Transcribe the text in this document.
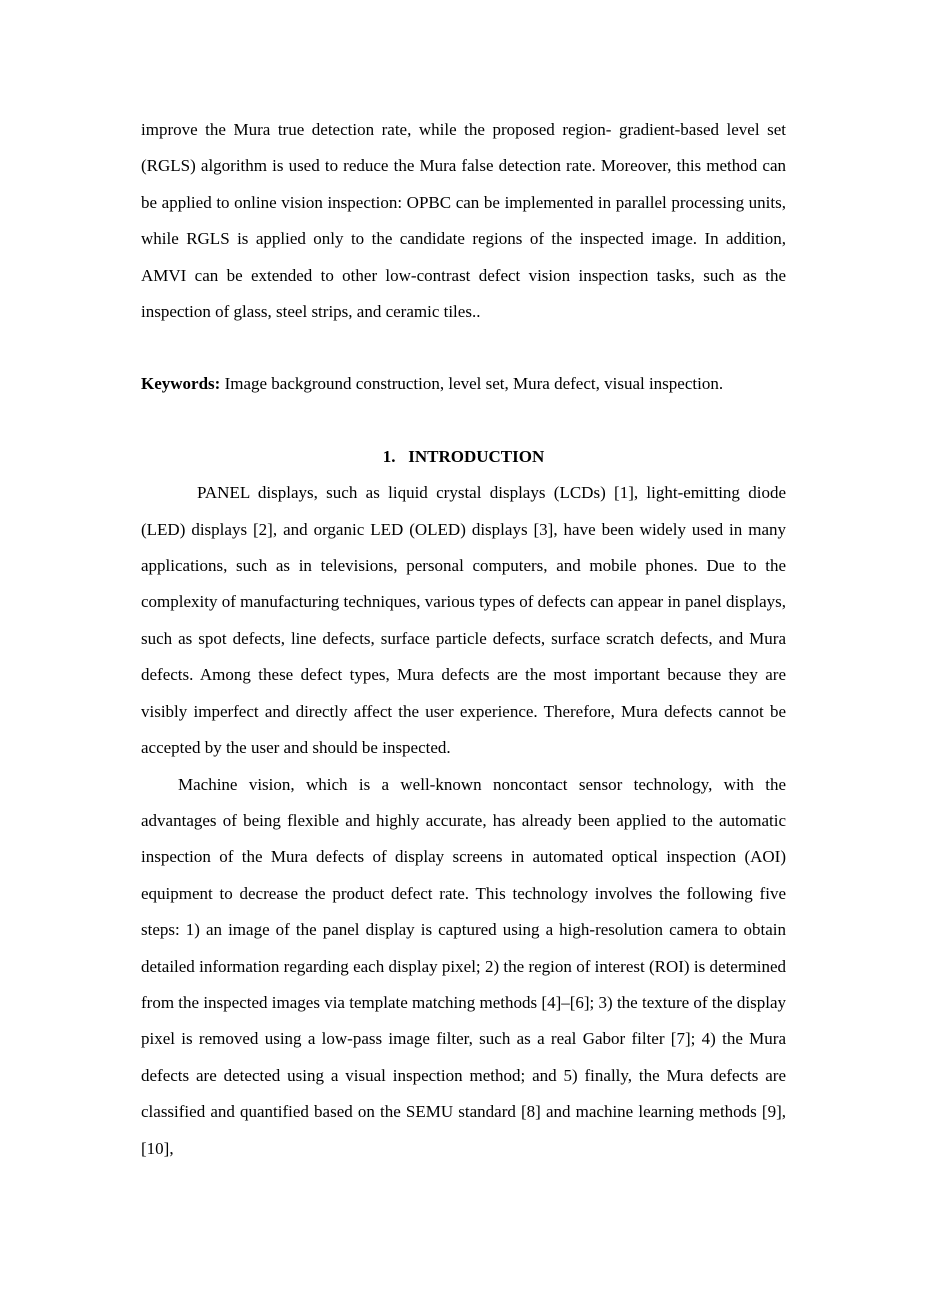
improve the Mura true detection rate, while the proposed region- gradient-based level set (RGLS) algorithm is used to reduce the Mura false detection rate. Moreover, this method can be applied to online vision inspection: OPBC can be implemented in parallel processing units, while RGLS is applied only to the candidate regions of the inspected image. In addition, AMVI can be extended to other low-contrast defect vision inspection tasks, such as the inspection of glass, steel strips, and ceramic tiles..

Keywords: Image background construction, level set, Mura defect, visual inspection.

1.   INTRODUCTION

PANEL displays, such as liquid crystal displays (LCDs) [1], light-emitting diode (LED) displays [2], and organic LED (OLED) displays [3], have been widely used in many applications, such as in televisions, personal computers, and mobile phones. Due to the complexity of manufacturing techniques, various types of defects can appear in panel displays, such as spot defects, line defects, surface particle defects, surface scratch defects, and Mura defects. Among these defect types, Mura defects are the most important because they are visibly imperfect and directly affect the user experience. Therefore, Mura defects cannot be accepted by the user and should be inspected.

Machine vision, which is a well-known noncontact sensor technology, with the advantages of being flexible and highly accurate, has already been applied to the automatic inspection of the Mura defects of display screens in automated optical inspection (AOI) equipment to decrease the product defect rate. This technology involves the following five steps: 1) an image of the panel display is captured using a high-resolution camera to obtain detailed information regarding each display pixel; 2) the region of interest (ROI) is determined from the inspected images via template matching methods [4]–[6]; 3) the texture of the display pixel is removed using a low-pass image filter, such as a real Gabor filter [7]; 4) the Mura defects are detected using a visual inspection method; and 5) finally, the Mura defects are classified and quantified based on the SEMU standard [8] and machine learning methods [9], [10],
